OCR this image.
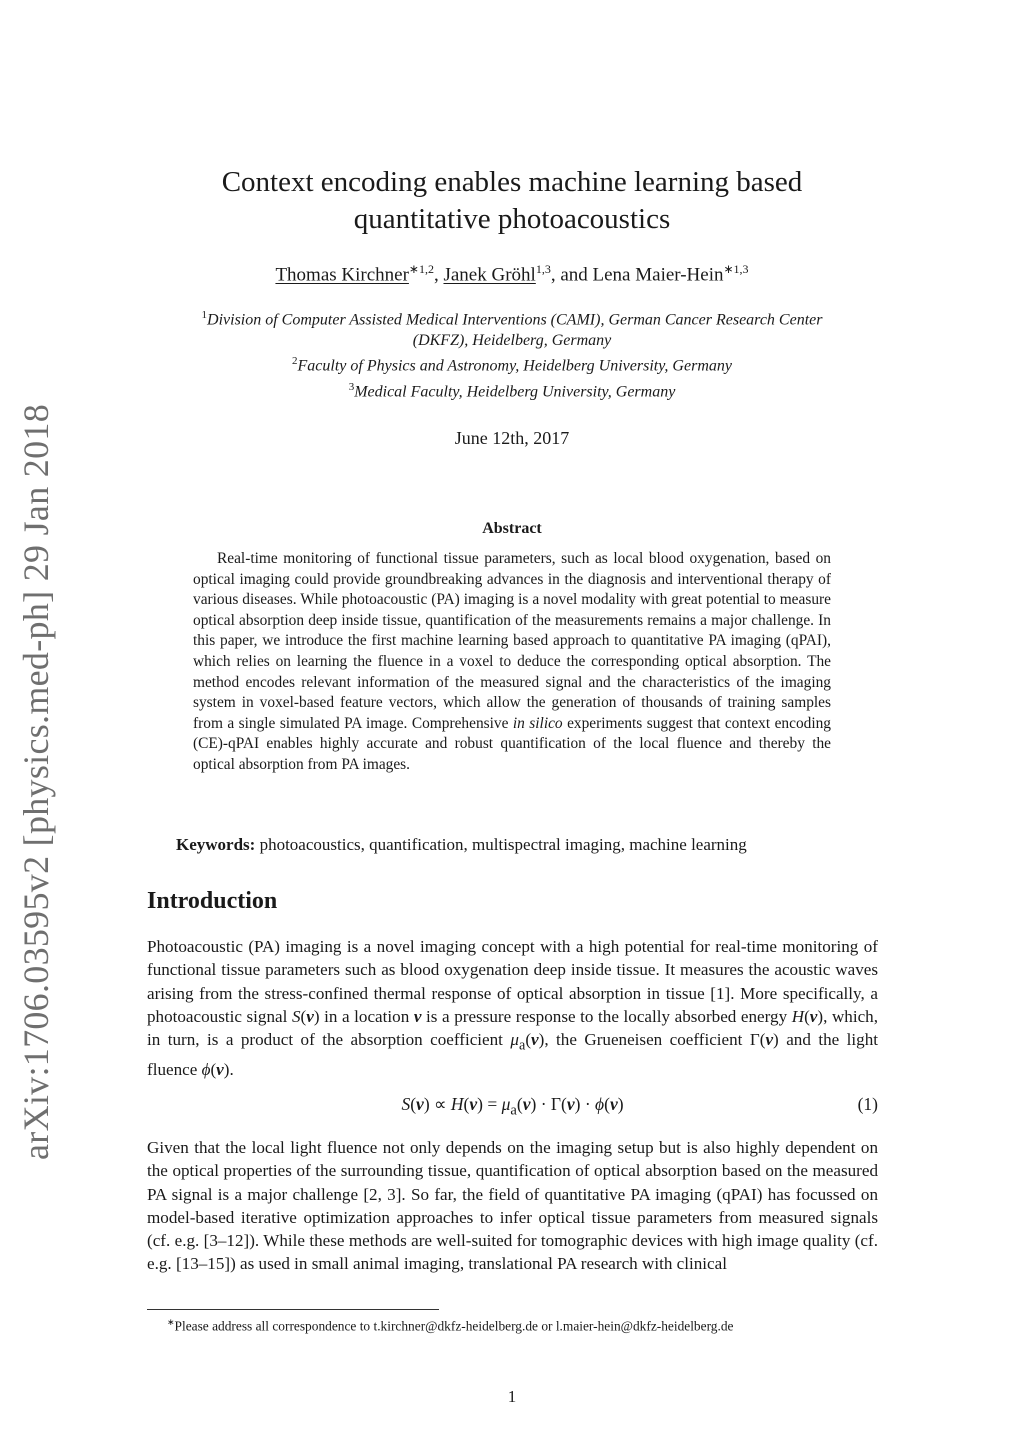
arXiv:1706.03595v2 [physics.med-ph] 29 Jan 2018
Context encoding enables machine learning based
quantitative photoacoustics
Thomas Kirchner$^{∗1,2}$, Janek Gröhl$^{1,3}$, and Lena Maier-Hein$^{∗1,3}$
$^1$Division of Computer Assisted Medical Interventions (CAMI), German Cancer Research Center
(DKFZ), Heidelberg, Germany
$^2$Faculty of Physics and Astronomy, Heidelberg University, Germany
$^3$Medical Faculty, Heidelberg University, Germany
June 12th, 2017
Abstract
Real-time monitoring of functional tissue parameters, such as local blood oxygenation, based on optical imaging could provide groundbreaking advances in the diagnosis and interventional therapy of various diseases. While photoacoustic (PA) imaging is a novel modality with great potential to measure optical absorption deep inside tissue, quantification of the measurements remains a major challenge. In this paper, we introduce the first machine learning based approach to quantitative PA imaging (qPAI), which relies on learning the fluence in a voxel to deduce the corresponding optical absorption. The method encodes relevant information of the measured signal and the characteristics of the imaging system in voxel-based feature vectors, which allow the generation of thousands of training samples from a single simulated PA image. Comprehensive in silico experiments suggest that context encoding (CE)-qPAI enables highly accurate and robust quantification of the local fluence and thereby the optical absorption from PA images.
Keywords: photoacoustics, quantification, multispectral imaging, machine learning
Introduction
Photoacoustic (PA) imaging is a novel imaging concept with a high potential for real-time monitoring of functional tissue parameters such as blood oxygenation deep inside tissue. It measures the acoustic waves arising from the stress-confined thermal response of optical absorption in tissue [1]. More specifically, a photoacoustic signal S(v) in a location v is a pressure response to the locally absorbed energy H(v), which, in turn, is a product of the absorption coefficient $\mu_a(v)$, the Grueneisen coefficient Γ(v) and the light fluence ϕ(v).
$S(v) \propto H(v) = \mu_a(v) \cdot \Gamma(v) \cdot \phi(v)$	(1)
Given that the local light fluence not only depends on the imaging setup but is also highly dependent on the optical properties of the surrounding tissue, quantification of optical absorption based on the measured PA signal is a major challenge [2, 3]. So far, the field of quantitative PA imaging (qPAI) has focussed on model-based iterative optimization approaches to infer optical tissue parameters from measured signals (cf. e.g. [3–12]). While these methods are well-suited for tomographic devices with high image quality (cf. e.g. [13–15]) as used in small animal imaging, translational PA research with clinical
∗Please address all correspondence to t.kirchner@dkfz-heidelberg.de or l.maier-hein@dkfz-heidelberg.de
1
